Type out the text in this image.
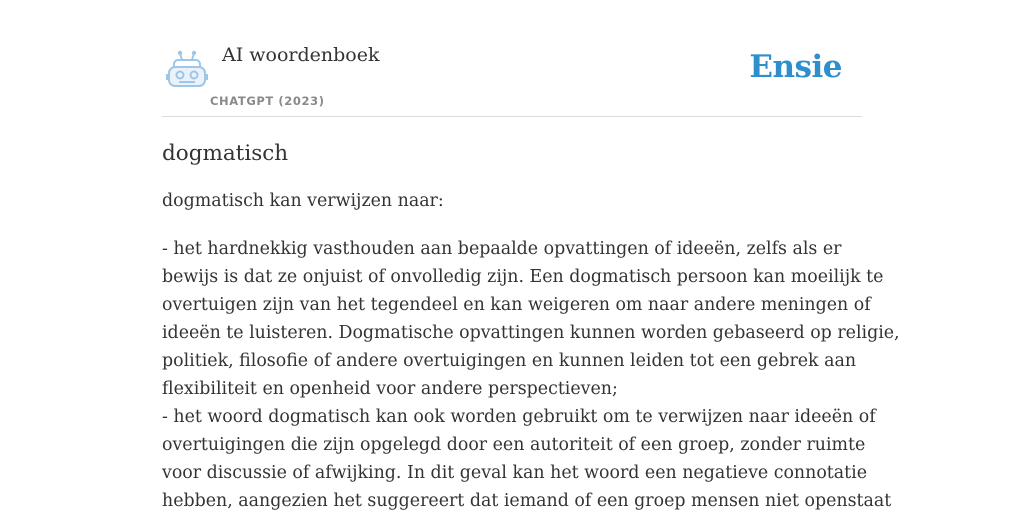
AI woordenboek
CHATGPT (2023)
Ensie
dogmatisch

dogmatisch kan verwijzen naar:

- het hardnekkig vasthouden aan bepaalde opvattingen of ideeën, zelfs als er
bewijs is dat ze onjuist of onvolledig zijn. Een dogmatisch persoon kan moeilijk te
overtuigen zijn van het tegendeel en kan weigeren om naar andere meningen of
ideeën te luisteren. Dogmatische opvattingen kunnen worden gebaseerd op religie,
politiek, filosofie of andere overtuigingen en kunnen leiden tot een gebrek aan
flexibiliteit en openheid voor andere perspectieven;
- het woord dogmatisch kan ook worden gebruikt om te verwijzen naar ideeën of
overtuigingen die zijn opgelegd door een autoriteit of een groep, zonder ruimte
voor discussie of afwijking. In dit geval kan het woord een negatieve connotatie
hebben, aangezien het suggereert dat iemand of een groep mensen niet openstaat
